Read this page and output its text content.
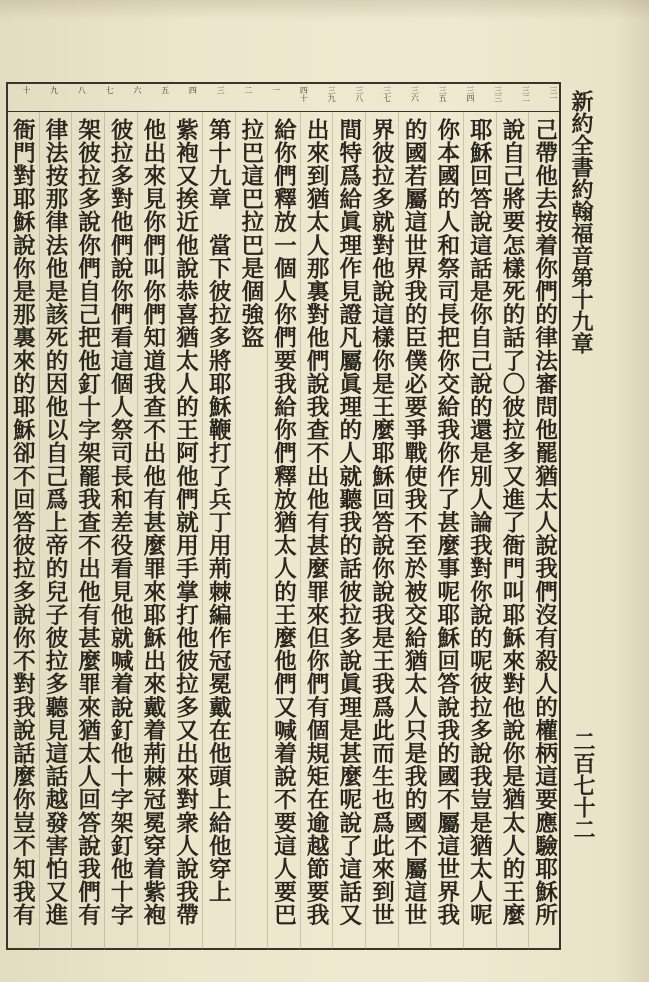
三一
三二
三三
三四
三五
三六
三七
三八
三九
四十
一
二
三
四
五
六
七
八
九
十
己帶他去按着你們的律法審問他罷猶太人說我們沒有殺人的權柄這要應驗耶穌所
說自己將要怎樣死的話了〇彼拉多又進了衙門叫耶穌來對他說你是猶太人的王麼
耶穌回答說這話是你自己說的還是別人論我對你說的呢彼拉多說我豈是猶太人呢
你本國的人和祭司長把你交給我你作了甚麼事呢耶穌回答說我的國不屬這世界我
的國若屬這世界我的臣僕必要爭戰使我不至於被交給猶太人只是我的國不屬這世
界彼拉多就對他說這樣你是王麼耶穌回答說你說我是王我爲此而生也爲此來到世
間特爲給眞理作見證凡屬眞理的人就聽我的話彼拉多說眞理是甚麼呢說了這話又
出來到猶太人那裏對他們說我查不出他有甚麼罪來但你們有個規矩在逾越節要我
給你們釋放一個人你們要我給你們釋放猶太人的王麼他們又喊着說不要這人要巴
拉巴這巴拉巴是個強盜
第十九章　當下彼拉多將耶穌鞭打了兵丁用荊棘編作冠冕戴在他頭上給他穿上
紫袍又挨近他說恭喜猶太人的王阿他們就用手掌打他彼拉多又出來對衆人說我帶
他出來見你們叫你們知道我查不出他有甚麼罪來耶穌出來戴着荊棘冠冕穿着紫袍
彼拉多對他們說你們看這個人祭司長和差役看見他就喊着說釘他十字架釘他十字
架彼拉多說你們自己把他釘十字架罷我查不出他有甚麼罪來猶太人回答說我們有
律法按那律法他是該死的因他以自己爲上帝的兒子彼拉多聽見這話越發害怕又進
衙門對耶穌說你是那裏來的耶穌卻不回答彼拉多說你不對我說話麼你豈不知我有	新約全書約翰福音第十九章
二百七十二
